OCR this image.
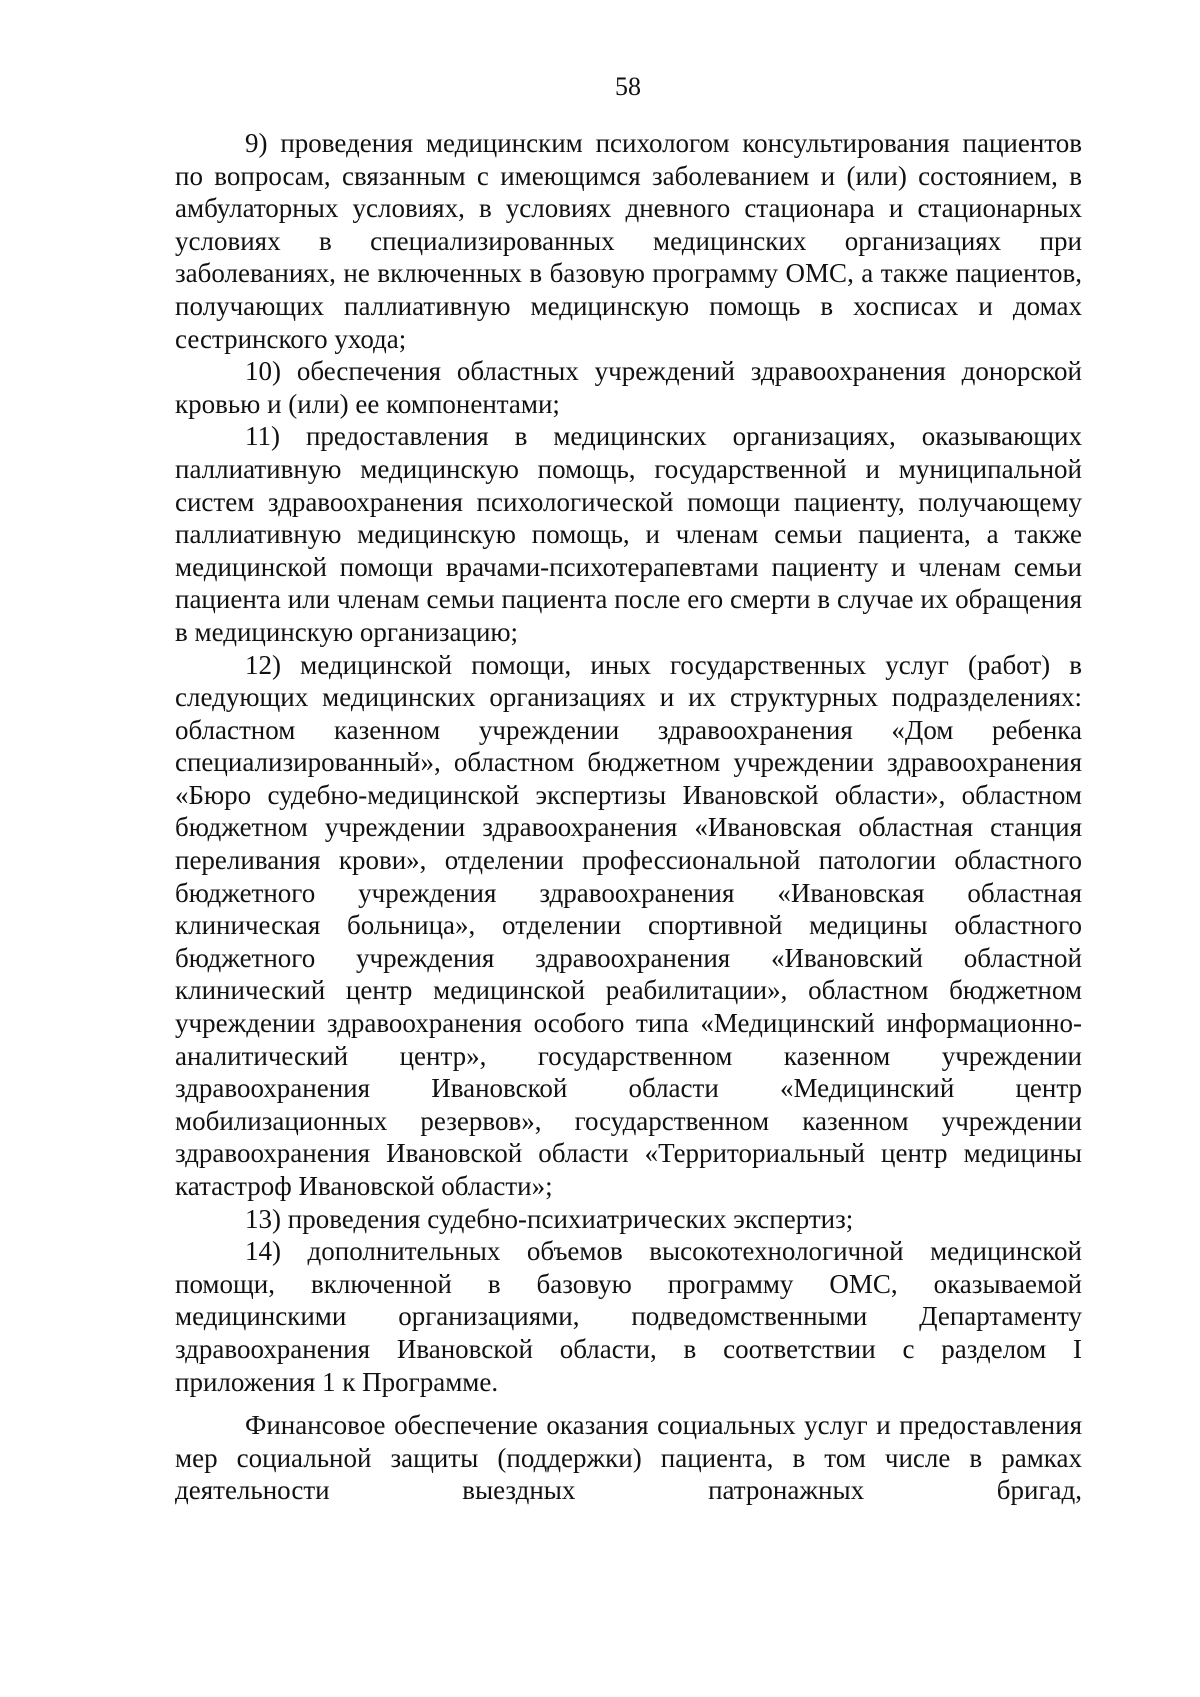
58

9) проведения медицинским психологом консультирования пациентов по вопросам, связанным с имеющимся заболеванием и (или) состоянием, в амбулаторных условиях, в условиях дневного стационара и стационарных условиях в специализированных медицинских организациях при заболеваниях, не включенных в базовую программу ОМС, а также пациентов, получающих паллиативную медицинскую помощь в хосписах и домах сестринского ухода;

10) обеспечения областных учреждений здравоохранения донорской кровью и (или) ее компонентами;

11) предоставления в медицинских организациях, оказывающих паллиативную медицинскую помощь, государственной и муниципальной систем здравоохранения психологической помощи пациенту, получающему паллиативную медицинскую помощь, и членам семьи пациента, а также медицинской помощи врачами-психотерапевтами пациенту и членам семьи пациента или членам семьи пациента после его смерти в случае их обращения в медицинскую организацию;

12) медицинской помощи, иных государственных услуг (работ) в следующих медицинских организациях и их структурных подразделениях: областном казенном учреждении здравоохранения «Дом ребенка специализированный», областном бюджетном учреждении здравоохранения «Бюро судебно-медицинской экспертизы Ивановской области», областном бюджетном учреждении здравоохранения «Ивановская областная станция переливания крови», отделении профессиональной патологии областного бюджетного учреждения здравоохранения «Ивановская областная клиническая больница», отделении спортивной медицины областного бюджетного учреждения здравоохранения «Ивановский областной клинический центр медицинской реабилитации», областном бюджетном учреждении здравоохранения особого типа «Медицинский информационно-аналитический центр», государственном казенном учреждении здравоохранения Ивановской области «Медицинский центр мобилизационных резервов», государственном казенном учреждении здравоохранения Ивановской области «Территориальный центр медицины катастроф Ивановской области»;

13) проведения судебно-психиатрических экспертиз;

14) дополнительных объемов высокотехнологичной медицинской помощи, включенной в базовую программу ОМС, оказываемой медицинскими организациями, подведомственными Департаменту здравоохранения Ивановской области, в соответствии с разделом I приложения 1 к Программе.

Финансовое обеспечение оказания социальных услуг и предоставления мер социальной защиты (поддержки) пациента, в том числе в рамках деятельности выездных патронажных бригад,
